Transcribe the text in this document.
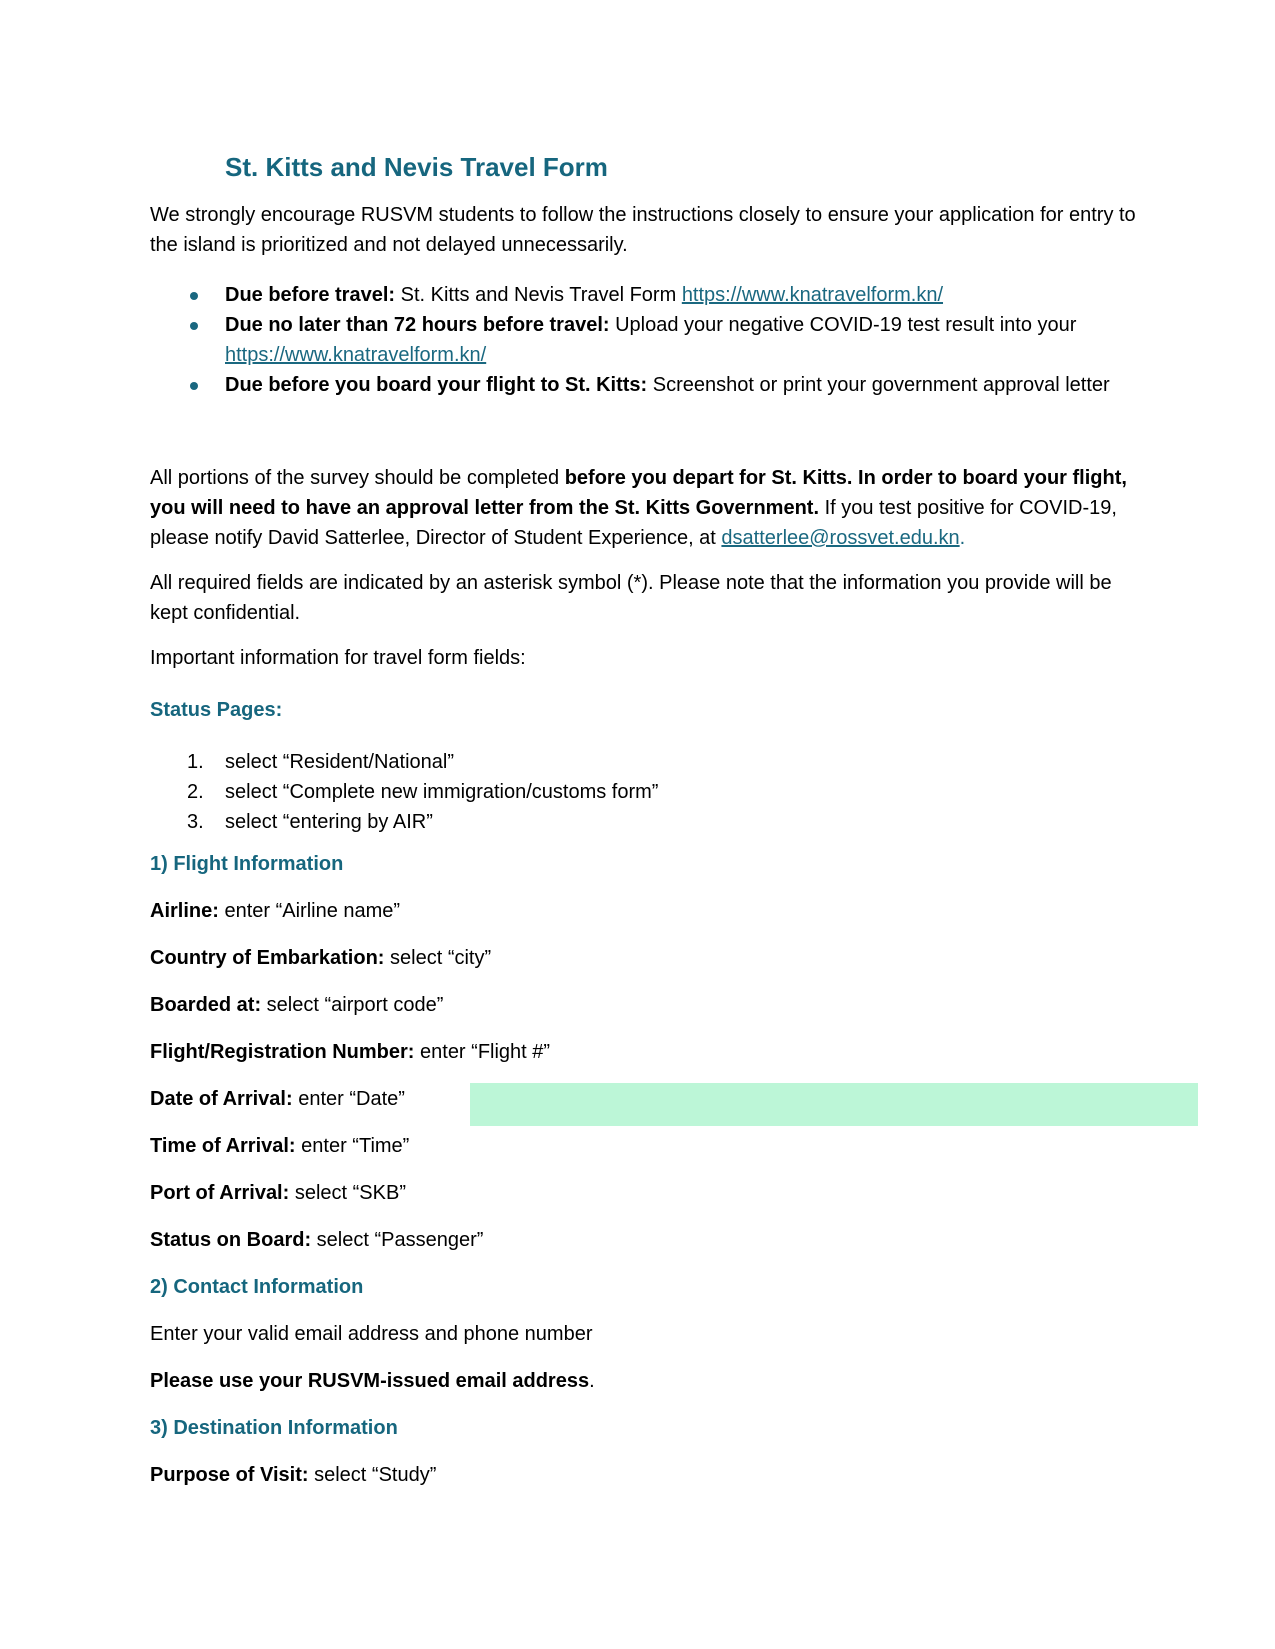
St. Kitts and Nevis Travel Form

We strongly encourage RUSVM students to follow the instructions closely to ensure your application for entry to the island is prioritized and not delayed unnecessarily.

Due before travel: St. Kitts and Nevis Travel Form https://www.knatravelform.kn/
Due no later than 72 hours before travel: Upload your negative COVID-19 test result into your https://www.knatravelform.kn/
Due before you board your flight to St. Kitts: Screenshot or print your government approval letter

All portions of the survey should be completed before you depart for St. Kitts. In order to board your flight, you will need to have an approval letter from the St. Kitts Government. If you test positive for COVID-19, please notify David Satterlee, Director of Student Experience, at dsatterlee@rossvet.edu.kn.

All required fields are indicated by an asterisk symbol (*). Please note that the information you provide will be kept confidential.

Important information for travel form fields:

Status Pages:
1. select “Resident/National”
2. select “Complete new immigration/customs form”
3. select “entering by AIR”
1) Flight Information

Airline: enter “Airline name”

Country of Embarkation: select “city”

Boarded at: select “airport code”

Flight/Registration Number: enter “Flight #”

Date of Arrival: enter “Date”

Time of Arrival: enter “Time”

Port of Arrival: select “SKB”

Status on Board: select “Passenger”

2) Contact Information

Enter your valid email address and phone number

Please use your RUSVM-issued email address.

3) Destination Information

Purpose of Visit: select “Study”
